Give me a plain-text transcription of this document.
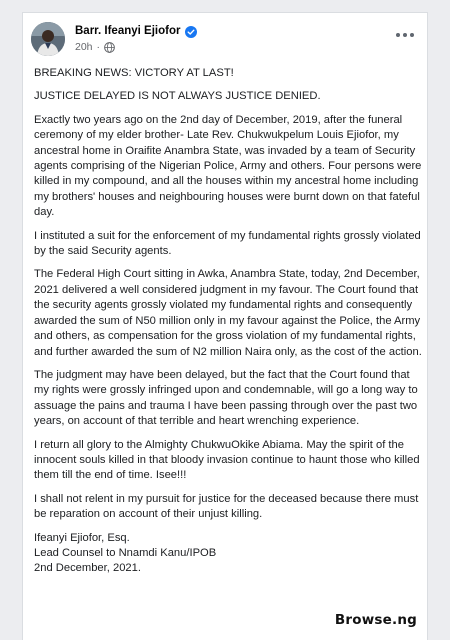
Barr. Ifeanyi Ejiofor
20h ·

BREAKING NEWS: VICTORY AT LAST!

JUSTICE DELAYED IS NOT ALWAYS JUSTICE DENIED.

Exactly two years ago on the 2nd day of December, 2019, after the funeral ceremony of my elder brother- Late Rev. Chukwukpelum Louis Ejiofor, my ancestral home in Oraifite Anambra State, was invaded by a team of Security agents comprising of the Nigerian Police, Army and others. Four persons were killed in my compound, and all the houses within my ancestral home including my brothers' houses and neighbouring houses were burnt down on that fateful day.

I instituted a suit for the enforcement of my fundamental rights grossly violated by the said Security agents.

The Federal High Court sitting in Awka, Anambra State, today, 2nd December, 2021 delivered a well considered judgment in my favour. The Court found that the security agents grossly violated my fundamental rights and consequently awarded the sum of N50 million only in my favour against the Police, the Army and others, as compensation for the gross violation of my fundamental rights, and further awarded the sum of N2 million Naira only, as the cost of the action.

The judgment may have been delayed, but the fact that the Court found that my rights were grossly infringed upon and condemnable, will go a long way to assuage the pains and trauma I have been passing through over the past two years, on account of that terrible and heart wrenching experience.

I return all glory to the Almighty ChukwuOkike Abiama. May the spirit of the innocent souls killed in that bloody invasion continue to haunt those who killed them till the end of time. Isee!!!

I shall not relent in my pursuit for justice for the deceased because there must be reparation on account of their unjust killing.

Ifeanyi Ejiofor, Esq.

Lead Counsel to Nnamdi Kanu/IPOB

2nd December, 2021.

Browse.ng
